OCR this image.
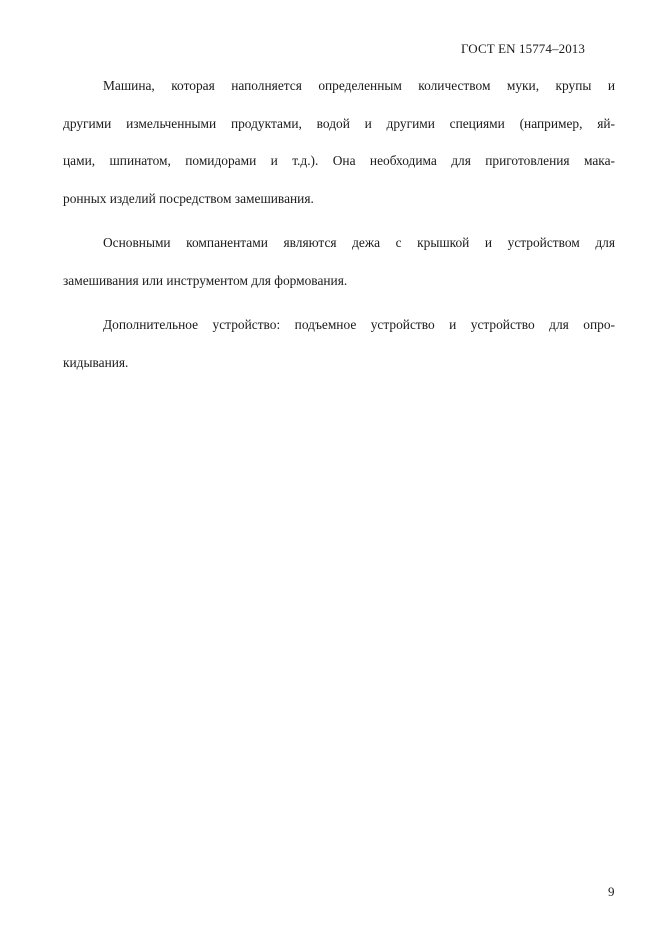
ГОСТ EN 15774–2013

Машина, которая наполняется определенным количеством муки, крупы и
другими измельченными продуктами, водой и другими специями (например, яй-
цами, шпинатом, помидорами и т.д.). Она необходима для приготовления мака-
ронных изделий посредством замешивания.

Основными компанентами являются дежа с крышкой и устройством для
замешивания или инструментом для формования.

Дополнительное устройство: подъемное устройство и устройство для опро-
кидывания.

9
